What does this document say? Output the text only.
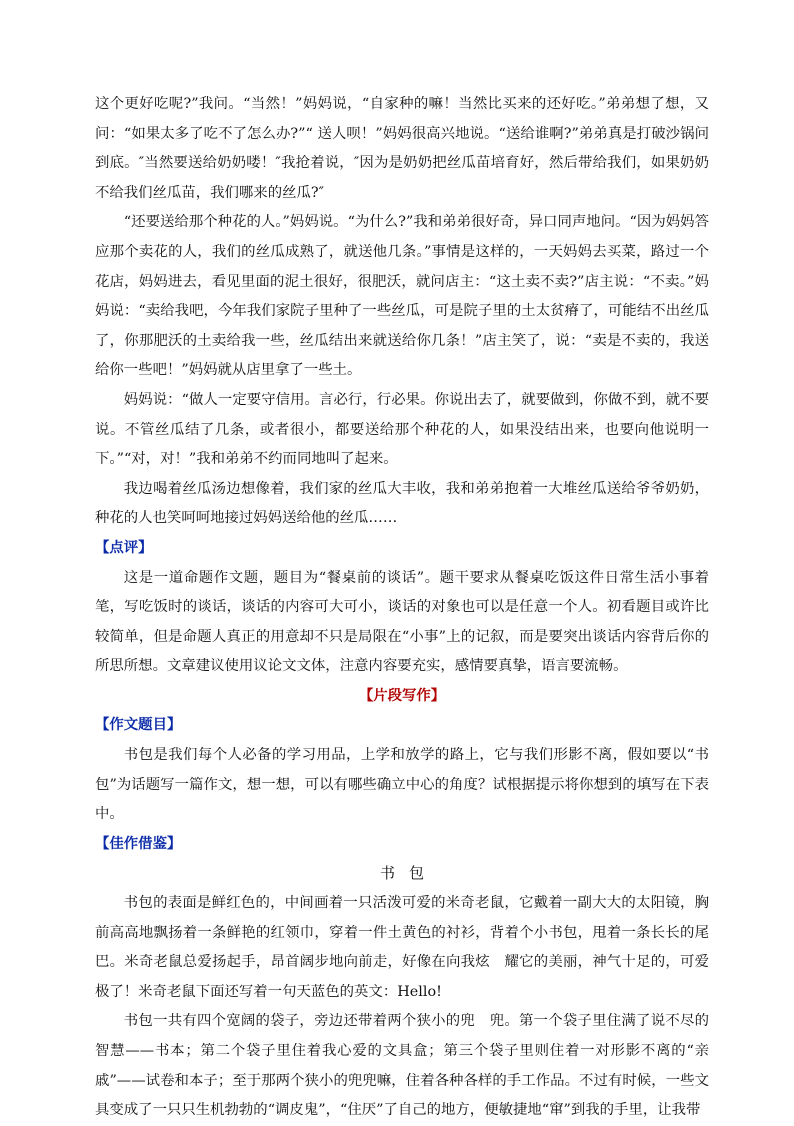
这个更好吃呢?”我问。“当然！”妈妈说，“自家种的嘛！当然比买来的还好吃。”弟弟想了想，又问：“如果太多了吃不了怎么办?”“ 送人呗！”妈妈很高兴地说。“送给谁啊?”弟弟真是打破沙锅问到底。″当然要送给奶奶喽！″我抢着说，″因为是奶奶把丝瓜苗培育好，然后带给我们，如果奶奶不给我们丝瓜苗，我们哪来的丝瓜?″

“还要送给那个种花的人。”妈妈说。“为什么?”我和弟弟很好奇，异口同声地问。“因为妈妈答应那个卖花的人，我们的丝瓜成熟了，就送他几条。”事情是这样的，一天妈妈去买菜，路过一个花店，妈妈进去，看见里面的泥土很好，很肥沃，就问店主：“这土卖不卖?”店主说：“不卖。”妈妈说：“卖给我吧，今年我们家院子里种了一些丝瓜，可是院子里的土太贫瘠了，可能结不出丝瓜了，你那肥沃的土卖给我一些，丝瓜结出来就送给你几条！”店主笑了，说：“卖是不卖的，我送给你一些吧！”妈妈就从店里拿了一些土。

妈妈说：“做人一定要守信用。言必行，行必果。你说出去了，就要做到，你做不到，就不要说。不管丝瓜结了几条，或者很小，都要送给那个种花的人，如果没结出来，也要向他说明一下。”“对，对！”我和弟弟不约而同地叫了起来。

我边喝着丝瓜汤边想像着，我们家的丝瓜大丰收，我和弟弟抱着一大堆丝瓜送给爷爷奶奶，种花的人也笑呵呵地接过妈妈送给他的丝瓜……

【点评】

这是一道命题作文题，题目为“餐桌前的谈话”。题干要求从餐桌吃饭这件日常生活小事着笔，写吃饭时的谈话，谈话的内容可大可小，谈话的对象也可以是任意一个人。初看题目或许比较简单，但是命题人真正的用意却不只是局限在“小事”上的记叙，而是要突出谈话内容背后你的所思所想。文章建议使用议论文文体，注意内容要充实，感情要真挚，语言要流畅。

【片段写作】

【作文题目】

书包是我们每个人必备的学习用品，上学和放学的路上，它与我们形影不离，假如要以“书包”为话题写一篇作文，想一想，可以有哪些确立中心的角度？试根据提示将你想到的填写在下表中。

【佳作借鉴】

书包

书包的表面是鲜红色的，中间画着一只活泼可爱的米奇老鼠，它戴着一副大大的太阳镜，胸前高高地飘扬着一条鲜艳的红领巾，穿着一件土黄色的衬衫，背着个小书包，甩着一条长长的尾巴。米奇老鼠总爱扬起手，昂首阔步地向前走，好像在向我炫　耀它的美丽，神气十足的，可爱极了！米奇老鼠下面还写着一句天蓝色的英文：Hello!

书包一共有四个宽阔的袋子，旁边还带着两个狭小的兜　兜。第一个袋子里住满了说不尽的智慧——书本；第二个袋子里住着我心爱的文具盒；第三个袋子里则住着一对形影不离的“亲戚”——试卷和本子；至于那两个狭小的兜兜嘛，住着各种各样的手工作品。不过有时候，一些文具变成了一只只生机勃勃的“调皮鬼”，“住厌”了自己的地方，便敏捷地“窜”到我的手里，让我带
